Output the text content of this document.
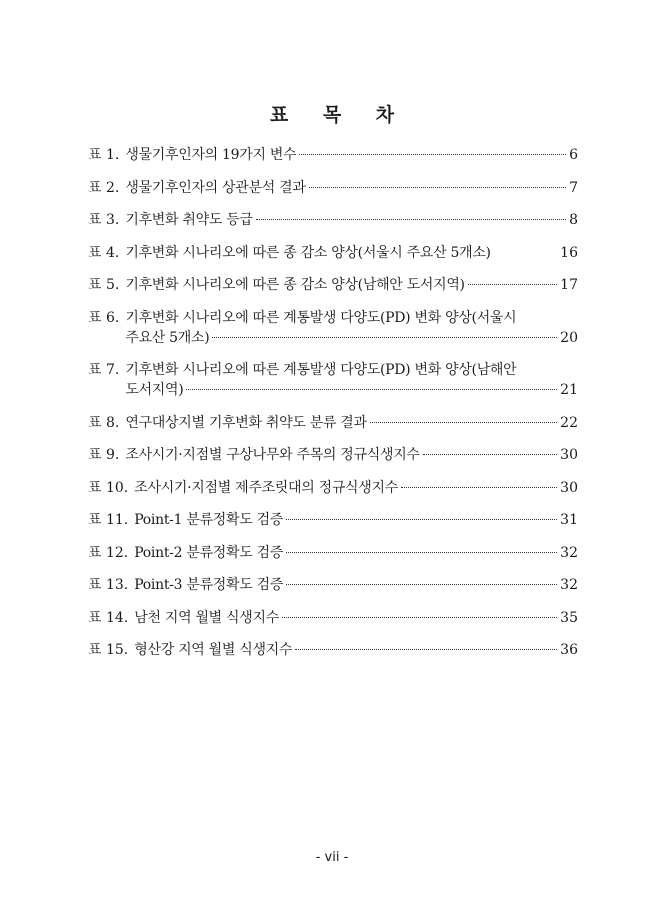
표 목 차
표 1. 생물기후인자의 19가지 변수	6
표 2. 생물기후인자의 상관분석 결과	7
표 3. 기후변화 취약도 등급	8
표 4. 기후변화 시나리오에 따른 종 감소 양상(서울시 주요산 5개소)	16
표 5. 기후변화 시나리오에 따른 종 감소 양상(남해안 도서지역)	17
표 6. 기후변화 시나리오에 따른 계통발생 다양도(PD) 변화 양상(서울시
주요산 5개소)	20
표 7. 기후변화 시나리오에 따른 계통발생 다양도(PD) 변화 양상(남해안
도서지역)	21
표 8. 연구대상지별 기후변화 취약도 분류 결과	22
표 9. 조사시기·지점별 구상나무와 주목의 정규식생지수	30
표 10. 조사시기·지점별 제주조릿대의 정규식생지수	30
표 11. Point-1 분류정확도 검증	31
표 12. Point-2 분류정확도 검증	32
표 13. Point-3 분류정확도 검증	32
표 14. 남천 지역 월별 식생지수	35
표 15. 형산강 지역 월별 식생지수	36
- vii -
